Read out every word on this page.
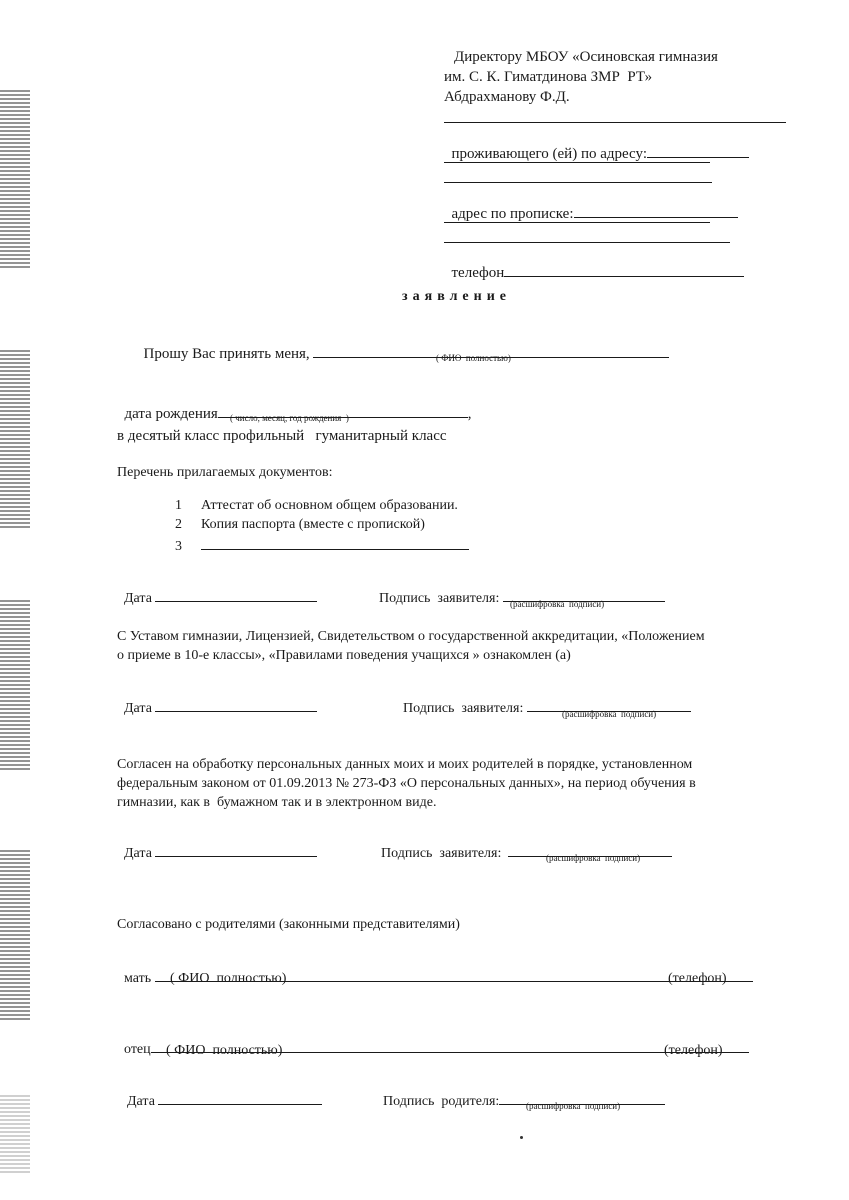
Директору МБОУ «Осиновская гимназия
им. С. К. Гиматдинова ЗМР  РТ»
Абдрахманову Ф.Д.

проживающего (ей) по адресу:

адрес по прописке:

телефон

заявление

Прошу Вас принять меня,	( ФИО  полностью)

дата рождения	,

( число, месяц, год рождения  )
в десятый класс профильный   гуманитарный класс
Перечень прилагаемых документов:

1 Аттестат об основном общем образовании.

2 Копия паспорта (вместе с пропиской)

3

Дата	Подпись  заявителя:	(расшифровка  подписи)
С Уставом гимназии, Лицензией, Свидетельством о государственной аккредитации, «Положением
о приеме в 10-е классы», «Правилами поведения учащихся » ознакомлен (а)

Дата	Подпись  заявителя:	(расшифровка  подписи)
Согласен на обработку персональных данных моих и моих родителей в порядке, установленном
федеральным законом от 01.09.2013 № 273-ФЗ «О персональных данных», на период обучения в
гимназии, как в  бумажном так и в электронном виде.

Дата	Подпись  заявителя:	(расшифровка  подписи)
Согласовано с родителями (законными представителями)

мать	( ФИО  полностью)	(телефон)

отец	( ФИО  полностью)	(телефон)

Дата	Подпись  родителя:	(расшифровка  подписи)
